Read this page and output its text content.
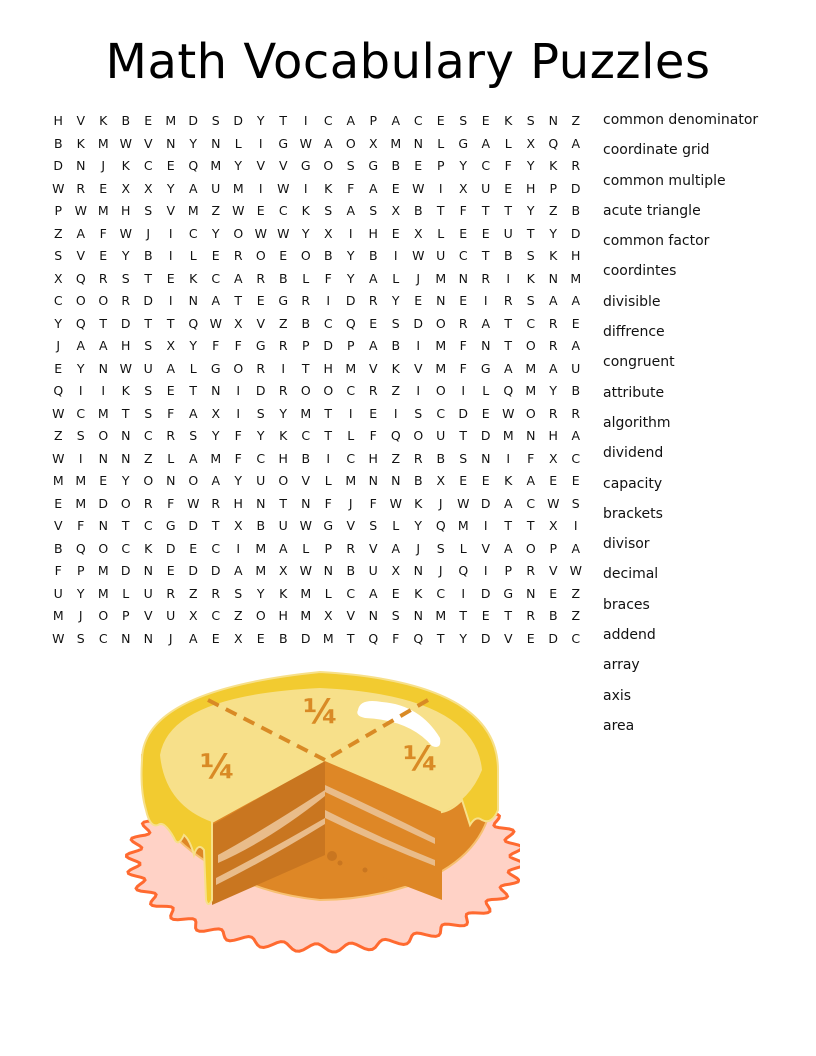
Math Vocabulary Puzzles
H	V	K	B	E	M D	S	D	Y	T	I	C	A	P	A	C	E	S	E	K	S	N	Z
B	K	M W V	N	Y	N	L	I	G W A	O	X	M N	L	G	A	L	X	Q	A
D	N	J	K	C	E	Q M	Y	V	V	G	O	S	G	B	E	P	Y	C	F	Y	K	R
W R	E	X	X	Y	A	U	M	I	W	I	K	F	A	E W	I	X	U	E	H	P	D
P	W M H	S	V	M	Z W E	C	K	S	A	S	X	B	T	F	T	T	Y	Z	B
Z	A	F	W	J	I	C	Y	O W W Y	X	I	H	E	X	L	E	E	U	T	Y	D
S	V	E	Y	B	I	L	E	R	O	E	O	B	Y	B	I	W U	C	T	B	S	K	H
X	Q	R	S	T	E	K	C	A	R	B	L	F	Y	A	L	J	M N	R	I	K	N M
C	O	O	R	D	I	N	A	T	E	G	R	I	D	R	Y	E	N	E	I	R	S	A	A
Y	Q	T	D	T	T	Q W X	V	Z	B	C	Q	E	S	D	O	R	A	T	C	R	E
J	A	A	H	S	X	Y	F	F	G	R	P	D	P	A	B	I	M	F	N	T	O	R	A
E	Y	N W U	A	L	G	O	R	I	T	H M	V	K	V	M	F	G	A	M	A	U
Q	I	I	K	S	E	T	N	I	D	R	O	O	C	R	Z	I	O	I	L	Q M	Y	B
W C	M	T	S	F	A	X	I	S	Y	M	T	I	E	I	S	C	D	E W O	R	R
Z	S	O	N	C	R	S	Y	F	Y	K	C	T	L	F	Q	O	U	T	D M N	H	A
W	I	N	N	Z	L	A	M	F	C	H	B	I	C	H	Z	R	B	S	N	I	F	X	C
M M	E	Y	O	N	O	A	Y	U	O	V	L	M N	N	B	X	E	E	K	A	E	E
E	M D	O	R	F	W R	H	N	T	N	F	J	F	W K	J	W D	A	C W S
V	F	N	T	C	G	D	T	X	B	U W G	V	S	L	Y	Q M	I	T	T	X	I
B	Q	O	C	K	D	E	C	I	M	A	L	P	R	V	A	J	S	L	V	A	O	P	A
F	P	M D	N	E	D	D	A	M	X W N	B	U	X	N	J	Q	I	P	R	V W
U	Y	M	L	U	R	Z	R	S	Y	K	M	L	C	A	E	K	C	I	D	G	N	E	Z
M	J	O	P	V	U	X	C	Z	O	H M	X	V	N	S	N M	T	E	T	R	B	Z
W S	C	N	N	J	A	E	X	E	B	D M	T	Q	F	Q	T	Y	D	V	E	D	C
common denominator
coordinate grid
common multiple
acute triangle
common factor
coordintes
divisible
diffrence
congruent
attribute
algorithm
dividend
capacity
brackets
divisor
decimal
braces
addend
array
axis
area
¼
¼
¼
